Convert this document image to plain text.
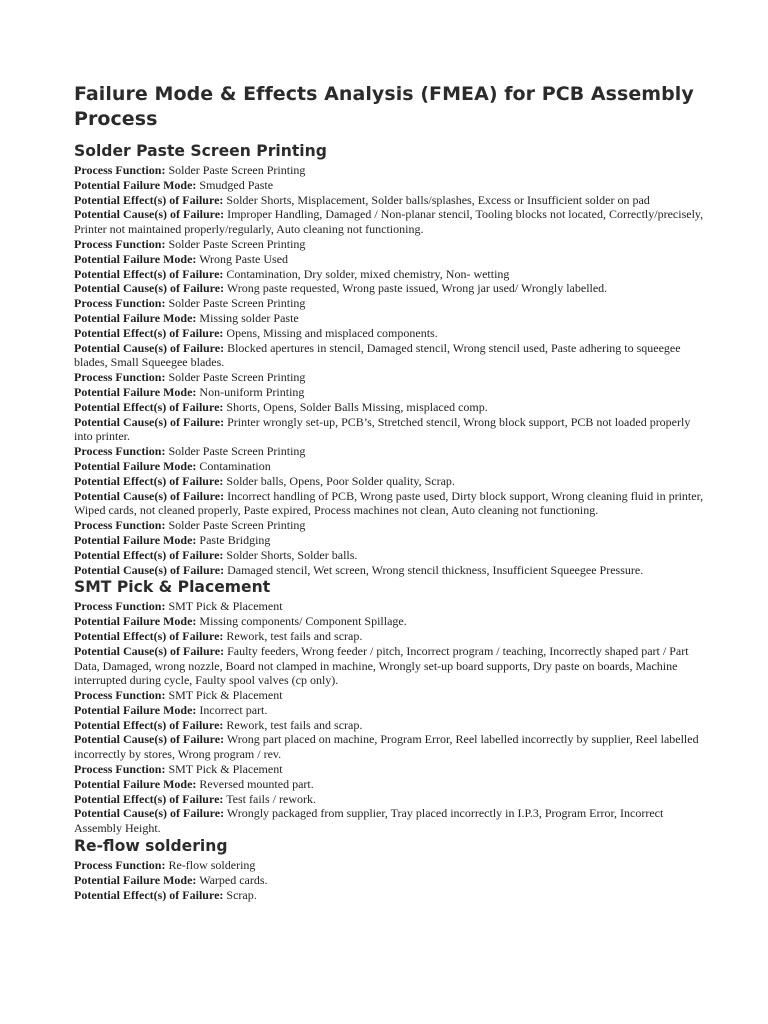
Failure Mode & Effects Analysis (FMEA) for PCB Assembly Process
Solder Paste Screen Printing

Process Function: Solder Paste Screen Printing

Potential Failure Mode: Smudged Paste

Potential Effect(s) of Failure: Solder Shorts, Misplacement, Solder balls/splashes, Excess or Insufficient solder on pad

Potential Cause(s) of Failure: Improper Handling, Damaged / Non-planar stencil, Tooling blocks not located, Correctly/precisely, Printer not maintained properly/regularly, Auto cleaning not functioning.

Process Function: Solder Paste Screen Printing

Potential Failure Mode: Wrong Paste Used

Potential Effect(s) of Failure: Contamination, Dry solder, mixed chemistry, Non- wetting

Potential Cause(s) of Failure: Wrong paste requested, Wrong paste issued, Wrong jar used/ Wrongly labelled.

Process Function: Solder Paste Screen Printing

Potential Failure Mode: Missing solder Paste

Potential Effect(s) of Failure: Opens, Missing and misplaced components.

Potential Cause(s) of Failure: Blocked apertures in stencil, Damaged stencil, Wrong stencil used, Paste adhering to squeegee blades, Small Squeegee blades.

Process Function: Solder Paste Screen Printing

Potential Failure Mode: Non-uniform Printing

Potential Effect(s) of Failure: Shorts, Opens, Solder Balls Missing, misplaced comp.

Potential Cause(s) of Failure: Printer wrongly set-up, PCB’s, Stretched stencil, Wrong block support, PCB not loaded properly into printer.

Process Function: Solder Paste Screen Printing

Potential Failure Mode: Contamination

Potential Effect(s) of Failure: Solder balls, Opens, Poor Solder quality, Scrap.

Potential Cause(s) of Failure: Incorrect handling of PCB, Wrong paste used, Dirty block support, Wrong cleaning fluid in printer, Wiped cards, not cleaned properly, Paste expired, Process machines not clean, Auto cleaning not functioning.

Process Function: Solder Paste Screen Printing

Potential Failure Mode: Paste Bridging

Potential Effect(s) of Failure: Solder Shorts, Solder balls.

Potential Cause(s) of Failure: Damaged stencil, Wet screen, Wrong stencil thickness, Insufficient Squeegee Pressure.

SMT Pick & Placement

Process Function: SMT Pick & Placement

Potential Failure Mode: Missing components/ Component Spillage.

Potential Effect(s) of Failure: Rework, test fails and scrap.

Potential Cause(s) of Failure: Faulty feeders, Wrong feeder / pitch, Incorrect program / teaching, Incorrectly shaped part / Part Data, Damaged, wrong nozzle, Board not clamped in machine, Wrongly set-up board supports, Dry paste on boards, Machine interrupted during cycle, Faulty spool valves (cp only).

Process Function: SMT Pick & Placement

Potential Failure Mode: Incorrect part.

Potential Effect(s) of Failure: Rework, test fails and scrap.

Potential Cause(s) of Failure: Wrong part placed on machine, Program Error, Reel labelled incorrectly by supplier, Reel labelled incorrectly by stores, Wrong program / rev.

Process Function: SMT Pick & Placement

Potential Failure Mode: Reversed mounted part.

Potential Effect(s) of Failure: Test fails / rework.

Potential Cause(s) of Failure: Wrongly packaged from supplier, Tray placed incorrectly in I.P.3, Program Error, Incorrect Assembly Height.

Re-flow soldering

Process Function: Re-flow soldering

Potential Failure Mode: Warped cards.

Potential Effect(s) of Failure: Scrap.
